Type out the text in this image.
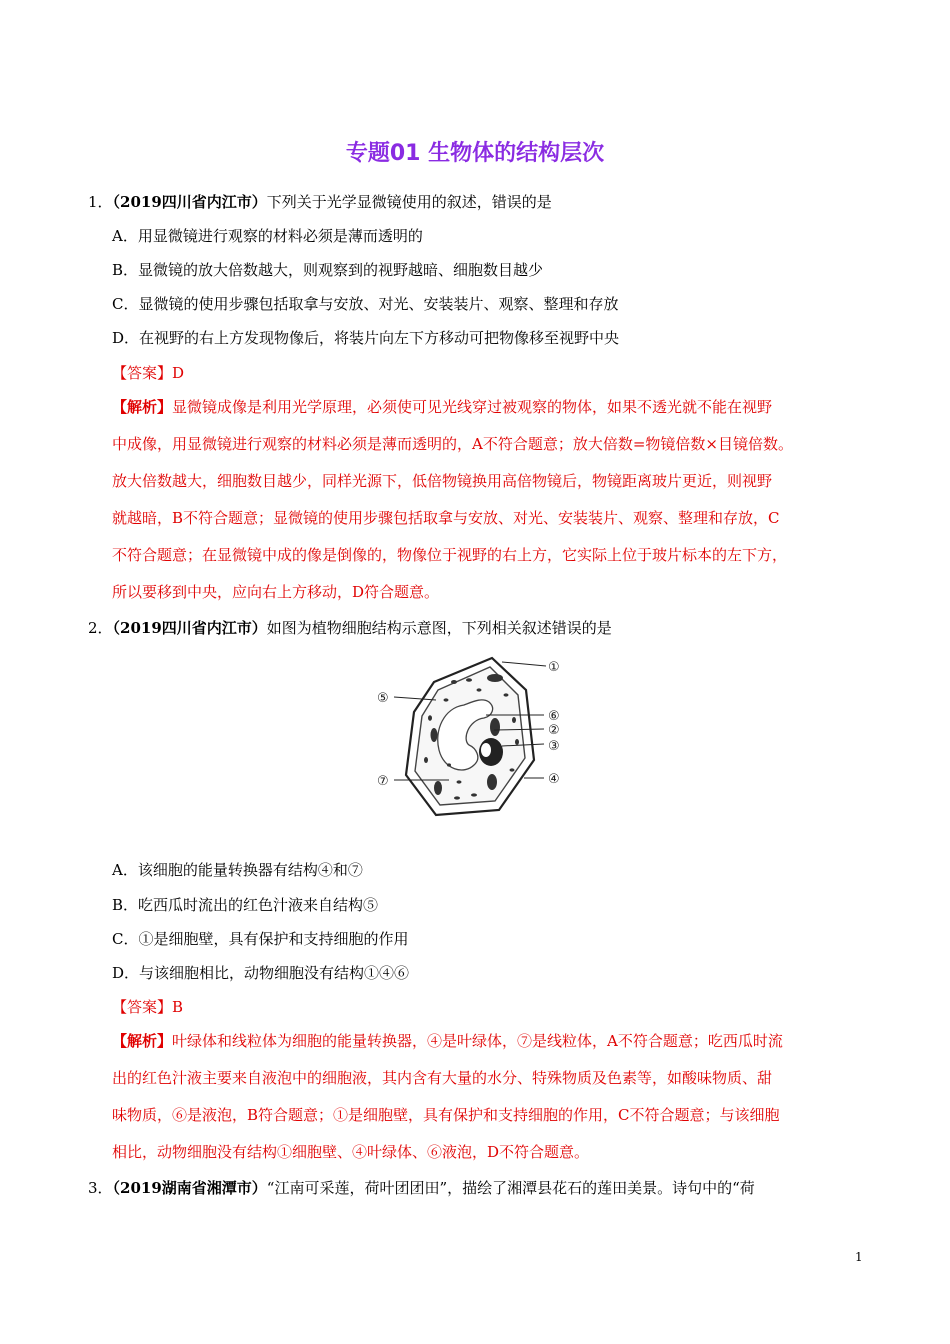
专题01 生物体的结构层次
1．（2019四川省内江市）下列关于光学显微镜使用的叙述，错误的是
A．用显微镜进行观察的材料必须是薄而透明的
B．显微镜的放大倍数越大，则观察到的视野越暗、细胞数目越少
C．显微镜的使用步骤包括取拿与安放、对光、安装装片、观察、整理和存放
D．在视野的右上方发现物像后，将装片向左下方移动可把物像移至视野中央
【答案】D
【解析】显微镜成像是利用光学原理，必须使可见光线穿过被观察的物体，如果不透光就不能在视野
中成像，用显微镜进行观察的材料必须是薄而透明的，A不符合题意；放大倍数=物镜倍数×目镜倍数。
放大倍数越大，细胞数目越少，同样光源下，低倍物镜换用高倍物镜后，物镜距离玻片更近，则视野
就越暗，B不符合题意；显微镜的使用步骤包括取拿与安放、对光、安装装片、观察、整理和存放，C
不符合题意；在显微镜中成的像是倒像的，物像位于视野的右上方，它实际上位于玻片标本的左下方，
所以要移到中央，应向右上方移动，D符合题意。
2．（2019四川省内江市）如图为植物细胞结构示意图，下列相关叙述错误的是
①
②
③
④
⑤
⑥
⑦
A．该细胞的能量转换器有结构④和⑦
B．吃西瓜时流出的红色汁液来自结构⑤
C．①是细胞壁，具有保护和支持细胞的作用
D．与该细胞相比，动物细胞没有结构①④⑥
【答案】B
【解析】叶绿体和线粒体为细胞的能量转换器，④是叶绿体，⑦是线粒体，A不符合题意；吃西瓜时流
出的红色汁液主要来自液泡中的细胞液，其内含有大量的水分、特殊物质及色素等，如酸味物质、甜
味物质，⑥是液泡，B符合题意；①是细胞壁，具有保护和支持细胞的作用，C不符合题意；与该细胞
相比，动物细胞没有结构①细胞壁、④叶绿体、⑥液泡，D不符合题意。
3．（2019湖南省湘潭市）“江南可采莲，荷叶团团田”，描绘了湘潭县花石的莲田美景。诗句中的“荷
1
